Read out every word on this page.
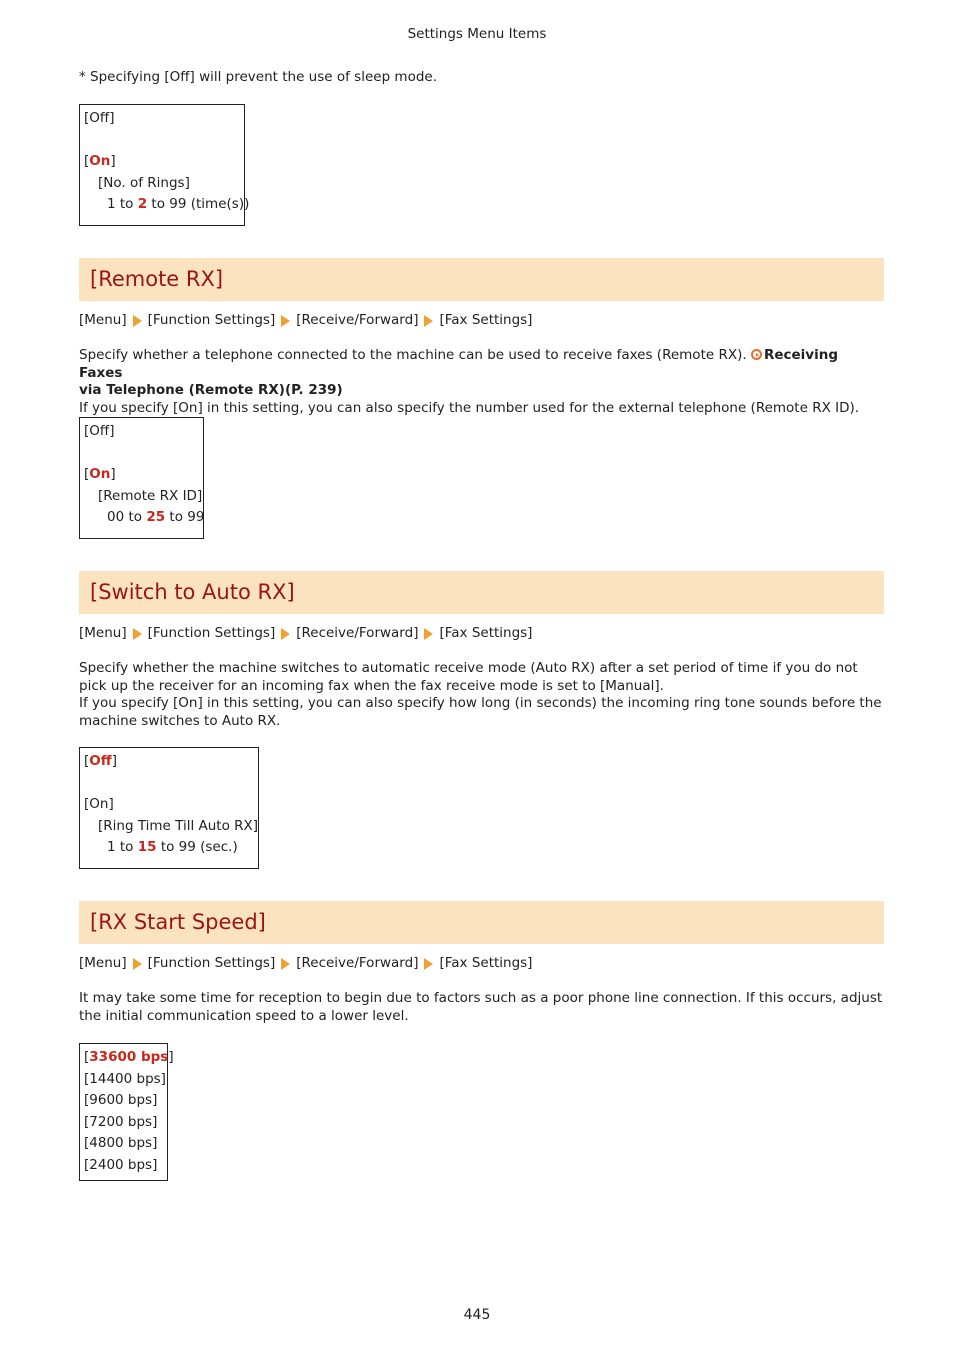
Settings Menu Items
* Specifying [Off] will prevent the use of sleep mode.
[Off]
[On]
[No. of Rings]
1 to 2 to 99 (time(s))
[Remote RX]
[Menu] [Function Settings] [Receive/Forward] [Fax Settings]
Specify whether a telephone connected to the machine can be used to receive faxes (Remote RX). Receiving Faxes
via Telephone (Remote RX)(P. 239)
If you specify [On] in this setting, you can also specify the number used for the external telephone (Remote RX ID).
[Off]
[On]
[Remote RX ID]
00 to 25 to 99
[Switch to Auto RX]
[Menu] [Function Settings] [Receive/Forward] [Fax Settings]
Specify whether the machine switches to automatic receive mode (Auto RX) after a set period of time if you do not pick up the receiver for an incoming fax when the fax receive mode is set to [Manual].
If you specify [On] in this setting, you can also specify how long (in seconds) the incoming ring tone sounds before the machine switches to Auto RX.
[Off]
[On]
[Ring Time Till Auto RX]
1 to 15 to 99 (sec.)
[RX Start Speed]
[Menu] [Function Settings] [Receive/Forward] [Fax Settings]
It may take some time for reception to begin due to factors such as a poor phone line connection. If this occurs, adjust the initial communication speed to a lower level.
[33600 bps]
[14400 bps]
[9600 bps]
[7200 bps]
[4800 bps]
[2400 bps]
445
